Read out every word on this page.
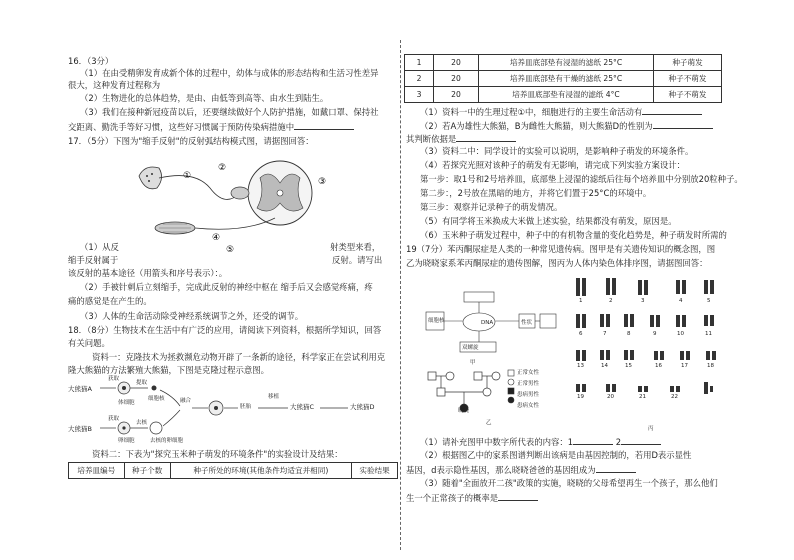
16．（3分）
（1）在由受精卵发育成新个体的过程中，幼体与成体的形态结构和生活习性差异
很大，这种发育过程称为
（2）生物进化的总体趋势，是由、由低等到高等、由水生到陆生。
（3）我们在接种新冠疫苗以后，还要继续做好个人防护措施，如戴口罩、保持社
交距离、勤洗手等好习惯，这些好习惯属于预防传染病措施中
17．（5分）下图为"缩手反射"的反射弧结构模式图，请据图回答：
①
②
③
④
⑤
（1）从反	射类型来看，
缩手反射属于	反射。请写出
该反射的基本途径（用箭头和序号表示）：。
（2）手被针刺后立刻缩手，完成此反射的神经中枢在 缩手后又会感觉疼痛，疼
痛的感觉是在产生的。
（3）人体的生命活动除受神经系统调节之外，还受的调节。
18．（8分）生物技术在生活中有广泛的应用，请阅读下列资料，根据所学知识，回答
有关问题。
资料一：克隆技术为拯救濒危动物开辟了一条新的途径，科学家正在尝试利用克
隆大熊猫的方法繁殖大熊猫，下图是克隆过程示意图。
大熊猫A
大熊猫B
获取
获取
提取
去核
体细胞
细胞核
卵细胞	去核的卵细胞
融合
胚胎
移植
大熊猫C	大熊猫D
资料二：下表为"探究玉米种子萌发的环境条件"的实验设计及结果：
培养皿编号	种子个数	种子所处的环境(其他条件均适宜并相同)	实验结果
1	20	培养皿底部垫有浸湿的滤纸 25°C	种子萌发
2	20	培养皿底部垫有干燥的滤纸 25°C	种子不萌发
3	20	培养皿底部垫有浸湿的滤纸 4°C	种子不萌发
（1）资料一中的生理过程①中，细胞进行的主要生命活动有
（2）若A为雄性大熊猫，B为雌性大熊猫，则大熊猫D的性别为
其判断依据是
（3）资料二中：同学设计的实验可以说明，是影响种子萌发的环境条件。
（4）若探究光照对该种子的萌发有无影响，请完成下列实验方案设计：
第一步：取1号和2号培养皿，底部垫上浸湿的滤纸后往每个培养皿中分别放20粒种子。
第二步：，2号放在黑暗的地方，并将它们置于25°C的环境中。
第三步：观察并记录种子的萌发情况。
（5）有同学将玉米换成大米做上述实验，结果都没有萌发，原因是。
（6）玉米种子萌发过程中，种子中的有机物含量的变化趋势是，种子萌发时所需的
19（7分）苯丙酮尿症是人类的一种常见遗传病。图甲是有关遗传知识的概念图，图
乙为晓晓家系苯丙酮尿症的遗传图解，图丙为人体内染色体排序图，请据图回答：
DNA
细胞核	性状
双螺旋
甲
正常女性
正常男性
患病男性
患病女性
晓晓
乙
1	2	3	4	5
6	7	8	9	10	11
13	14	15	16	17	18
19	20	21	22
丙
（1）请补充图甲中数字所代表的内容：1	2
（2）根据图乙中的家系图谱判断出该病是由基因控制的，若用D表示显性
基因，d表示隐性基因，那么晓晓爸爸的基因组成为
（3）随着"全面放开二孩"政策的实施，晓晓的父母希望再生一个孩子，那么他们
生一个正常孩子的概率是
